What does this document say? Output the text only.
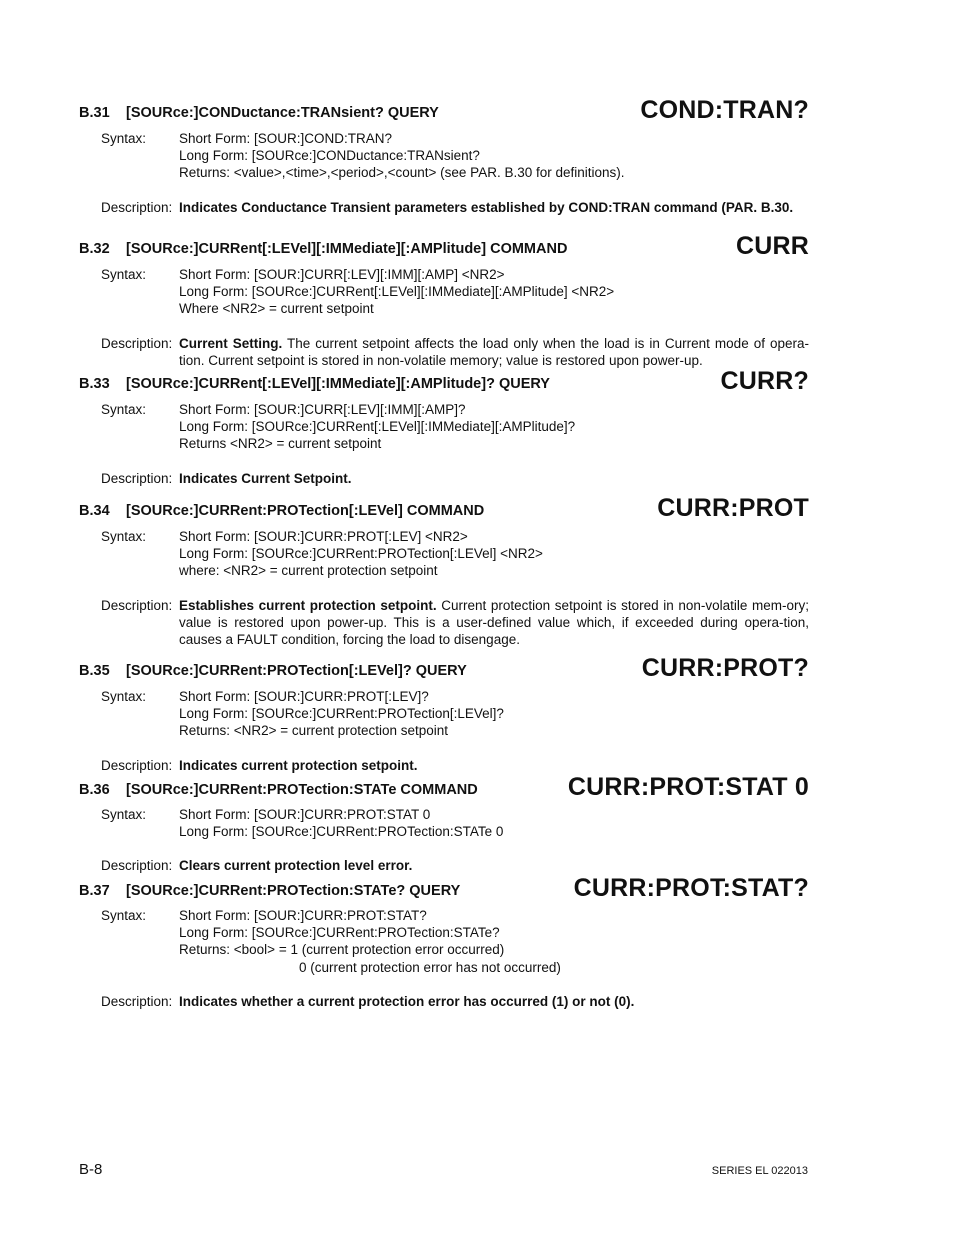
B.31 [SOURce:]CONDuctance:TRANsient? QUERY	COND:TRAN?
Syntax: Short Form: [SOUR:]COND:TRAN?
Long Form: [SOURce:]CONDuctance:TRANsient?
Returns: <value>,<time>,<period>,<count> (see PAR. B.30 for definitions).
Description: Indicates Conductance Transient parameters established by COND:TRAN command (PAR. B.30.
B.32 [SOURce:]CURRent[:LEVel][:IMMediate][:AMPlitude] COMMAND	CURR
Syntax: Short Form: [SOUR:]CURR[:LEV][:IMM][:AMP] <NR2>
Long Form: [SOURce:]CURRent[:LEVel][:IMMediate][:AMPlitude] <NR2>
Where <NR2> = current setpoint
Description: Current Setting. The current setpoint affects the load only when the load is in Current mode of opera-tion. Current setpoint is stored in non-volatile memory; value is restored upon power-up.
B.33 [SOURce:]CURRent[:LEVel][:IMMediate][:AMPlitude]? QUERY	CURR?
Syntax: Short Form: [SOUR:]CURR[:LEV][:IMM][:AMP]?
Long Form: [SOURce:]CURRent[:LEVel][:IMMediate][:AMPlitude]?
Returns <NR2> = current setpoint
Description: Indicates Current Setpoint.
B.34 [SOURce:]CURRent:PROTection[:LEVel] COMMAND	CURR:PROT
Syntax: Short Form: [SOUR:]CURR:PROT[:LEV] <NR2>
Long Form: [SOURce:]CURRent:PROTection[:LEVel] <NR2>
where: <NR2> = current protection setpoint
Description: Establishes current protection setpoint. Current protection setpoint is stored in non-volatile mem-ory; value is restored upon power-up. This is a user-defined value which, if exceeded during opera-tion, causes a FAULT condition, forcing the load to disengage.
B.35 [SOURce:]CURRent:PROTection[:LEVel]? QUERY	CURR:PROT?
Syntax: Short Form: [SOUR:]CURR:PROT[:LEV]?
Long Form: [SOURce:]CURRent:PROTection[:LEVel]?
Returns: <NR2> = current protection setpoint
Description: Indicates current protection setpoint.
B.36 [SOURce:]CURRent:PROTection:STATe COMMAND	CURR:PROT:STAT 0
Syntax: Short Form: [SOUR:]CURR:PROT:STAT 0
Long Form: [SOURce:]CURRent:PROTection:STATe 0
Description: Clears current protection level error.
B.37 [SOURce:]CURRent:PROTection:STATe? QUERY	CURR:PROT:STAT?
Syntax: Short Form: [SOUR:]CURR:PROT:STAT?
Long Form: [SOURce:]CURRent:PROTection:STATe?
Returns: <bool> = 1 (current protection error occurred)
0 (current protection error has not occurred)
Description: Indicates whether a current protection error has occurred (1) or not (0).
B-8	SERIES EL 022013
